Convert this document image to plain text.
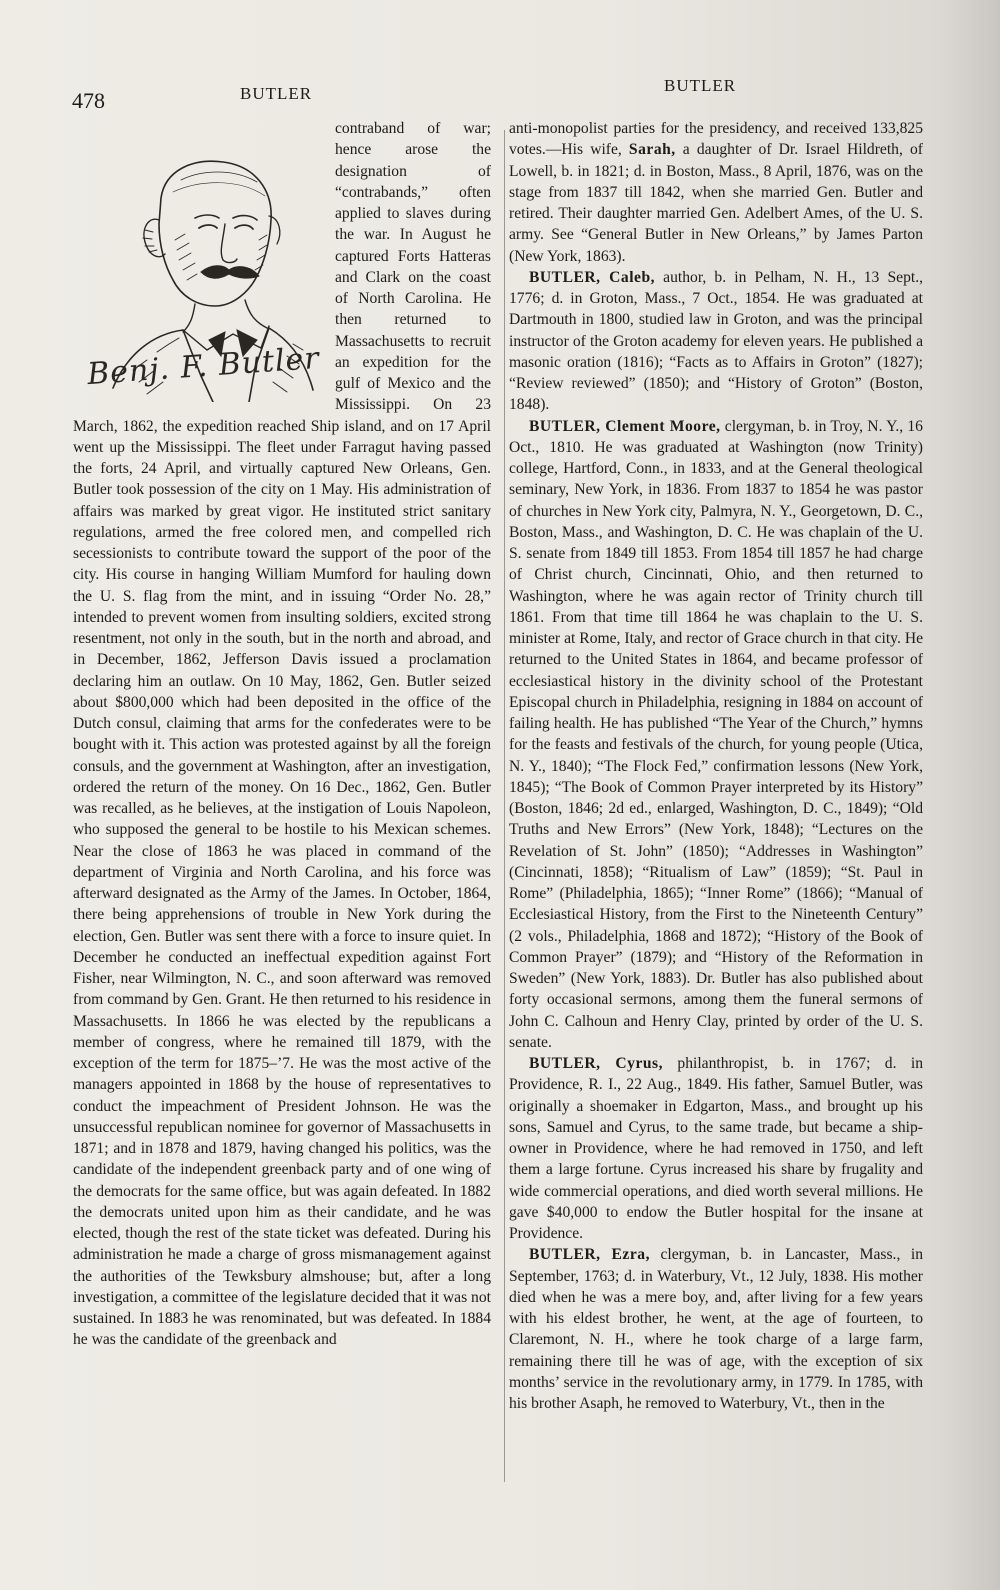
478	BUTLER	BUTLER
Benj. F. Butler

contraband of war; hence arose the designation of “contrabands,” often applied to slaves during the war. In August he captured Forts Hatteras and Clark on the coast of North Carolina. He then returned to Massachusetts to recruit an expedition for the gulf of Mexico and the Mississippi. On 23 March, 1862, the expedition reached Ship island, and on 17 April went up the Mississippi. The fleet under Farragut having passed the forts, 24 April, and virtually captured New Orleans, Gen. Butler took possession of the city on 1 May. His administration of affairs was marked by great vigor. He instituted strict sanitary regulations, armed the free colored men, and compelled rich secessionists to contribute toward the support of the poor of the city. His course in hanging William Mumford for hauling down the U. S. flag from the mint, and in issuing “Order No. 28,” intended to prevent women from insulting soldiers, excited strong resentment, not only in the south, but in the north and abroad, and in December, 1862, Jefferson Davis issued a proclamation declaring him an outlaw. On 10 May, 1862, Gen. Butler seized about $800,000 which had been deposited in the office of the Dutch consul, claiming that arms for the confederates were to be bought with it. This action was protested against by all the foreign consuls, and the government at Washington, after an investigation, ordered the return of the money. On 16 Dec., 1862, Gen. Butler was recalled, as he believes, at the instigation of Louis Napoleon, who supposed the general to be hostile to his Mexican schemes. Near the close of 1863 he was placed in command of the department of Virginia and North Carolina, and his force was afterward designated as the Army of the James. In October, 1864, there being apprehensions of trouble in New York during the election, Gen. Butler was sent there with a force to insure quiet. In December he conducted an ineffectual expedition against Fort Fisher, near Wilmington, N. C., and soon afterward was removed from command by Gen. Grant. He then returned to his residence in Massachusetts. In 1866 he was elected by the republicans a member of congress, where he remained till 1879, with the exception of the term for 1875–’7. He was the most active of the managers appointed in 1868 by the house of representatives to conduct the impeachment of President Johnson. He was the unsuccessful republican nominee for governor of Massachusetts in 1871; and in 1878 and 1879, having changed his politics, was the candidate of the independent greenback party and of one wing of the democrats for the same office, but was again defeated. In 1882 the democrats united upon him as their candidate, and he was elected, though the rest of the state ticket was defeated. During his administration he made a charge of gross mismanagement against the authorities of the Tewksbury almshouse; but, after a long investigation, a committee of the legislature decided that it was not sustained. In 1883 he was renominated, but was defeated. In 1884 he was the candidate of the greenback and

anti-monopolist parties for the presidency, and received 133,825 votes.—His wife, Sarah, a daughter of Dr. Israel Hildreth, of Lowell, b. in 1821; d. in Boston, Mass., 8 April, 1876, was on the stage from 1837 till 1842, when she married Gen. Butler and retired. Their daughter married Gen. Adelbert Ames, of the U. S. army. See “General Butler in New Orleans,” by James Parton (New York, 1863).

BUTLER, Caleb, author, b. in Pelham, N. H., 13 Sept., 1776; d. in Groton, Mass., 7 Oct., 1854. He was graduated at Dartmouth in 1800, studied law in Groton, and was the principal instructor of the Groton academy for eleven years. He published a masonic oration (1816); “Facts as to Affairs in Groton” (1827); “Review reviewed” (1850); and “History of Groton” (Boston, 1848).

BUTLER, Clement Moore, clergyman, b. in Troy, N. Y., 16 Oct., 1810. He was graduated at Washington (now Trinity) college, Hartford, Conn., in 1833, and at the General theological seminary, New York, in 1836. From 1837 to 1854 he was pastor of churches in New York city, Palmyra, N. Y., Georgetown, D. C., Boston, Mass., and Washington, D. C. He was chaplain of the U. S. senate from 1849 till 1853. From 1854 till 1857 he had charge of Christ church, Cincinnati, Ohio, and then returned to Washington, where he was again rector of Trinity church till 1861. From that time till 1864 he was chaplain to the U. S. minister at Rome, Italy, and rector of Grace church in that city. He returned to the United States in 1864, and became professor of ecclesiastical history in the divinity school of the Protestant Episcopal church in Philadelphia, resigning in 1884 on account of failing health. He has published “The Year of the Church,” hymns for the feasts and festivals of the church, for young people (Utica, N. Y., 1840); “The Flock Fed,” confirmation lessons (New York, 1845); “The Book of Common Prayer interpreted by its History” (Boston, 1846; 2d ed., enlarged, Washington, D. C., 1849); “Old Truths and New Errors” (New York, 1848); “Lectures on the Revelation of St. John” (1850); “Addresses in Washington” (Cincinnati, 1858); “Ritualism of Law” (1859); “St. Paul in Rome” (Philadelphia, 1865); “Inner Rome” (1866); “Manual of Ecclesiastical History, from the First to the Nineteenth Century” (2 vols., Philadelphia, 1868 and 1872); “History of the Book of Common Prayer” (1879); and “History of the Reformation in Sweden” (New York, 1883). Dr. Butler has also published about forty occasional sermons, among them the funeral sermons of John C. Calhoun and Henry Clay, printed by order of the U. S. senate.

BUTLER, Cyrus, philanthropist, b. in 1767; d. in Providence, R. I., 22 Aug., 1849. His father, Samuel Butler, was originally a shoemaker in Edgarton, Mass., and brought up his sons, Samuel and Cyrus, to the same trade, but became a ship-owner in Providence, where he had removed in 1750, and left them a large fortune. Cyrus increased his share by frugality and wide commercial operations, and died worth several millions. He gave $40,000 to endow the Butler hospital for the insane at Providence.

BUTLER, Ezra, clergyman, b. in Lancaster, Mass., in September, 1763; d. in Waterbury, Vt., 12 July, 1838. His mother died when he was a mere boy, and, after living for a few years with his eldest brother, he went, at the age of fourteen, to Claremont, N. H., where he took charge of a large farm, remaining there till he was of age, with the exception of six months’ service in the revolutionary army, in 1779. In 1785, with his brother Asaph, he removed to Waterbury, Vt., then in the
